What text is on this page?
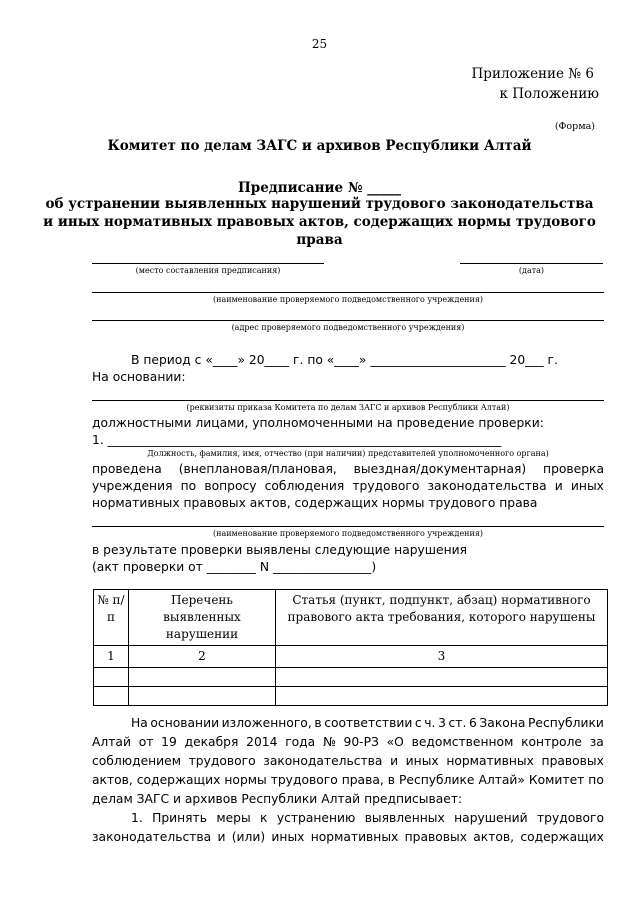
25
Приложение № 6
к Положению
(Форма)
Комитет по делам ЗАГС и архивов Республики Алтай
Предписание № _____
об устранении выявленных нарушений трудового законодательства
и иных нормативных правовых актов, содержащих нормы трудового
права
(место составления предписания)	(дата)
(наименование проверяемого подведомственного учреждения)
(адрес проверяемого подведомственного учреждения)
В период с «____» 20____ г. по «____» ______________________ 20___ г.
На основании:
(реквизиты приказа Комитета по делам ЗАГС и архивов Республики Алтай)
должностными лицами, уполномоченными на проведение проверки:
1. ________________________________________________________________
Должность, фамилия, имя, отчество (при наличии) представителей уполномоченного органа)
проведена (внеплановая/плановая, выездная/документарная) проверка
учреждения по вопросу соблюдения трудового законодательства и иных
нормативных правовых актов, содержащих нормы трудового права
(наименование проверяемого подведомственного учреждения)
в результате проверки выявлены следующие нарушения
(акт проверки от ________ N ________________)
№ п/п	Перечень выявленных нарушении	Статья (пункт, подпункт, абзац) нормативного правового акта требования, которого нарушены
1	2	3

На основании изложенного, в соответствии с ч. 3 ст. 6 Закона Республики
Алтай от 19 декабря 2014 года № 90-РЗ «О ведомственном контроле за
соблюдением трудового законодательства и иных нормативных правовых
актов, содержащих нормы трудового права, в Республике Алтай» Комитет по
делам ЗАГС и архивов Республики Алтай предписывает:
1. Принять меры к устранению выявленных нарушений трудового
законодательства и (или) иных нормативных правовых актов, содержащих
